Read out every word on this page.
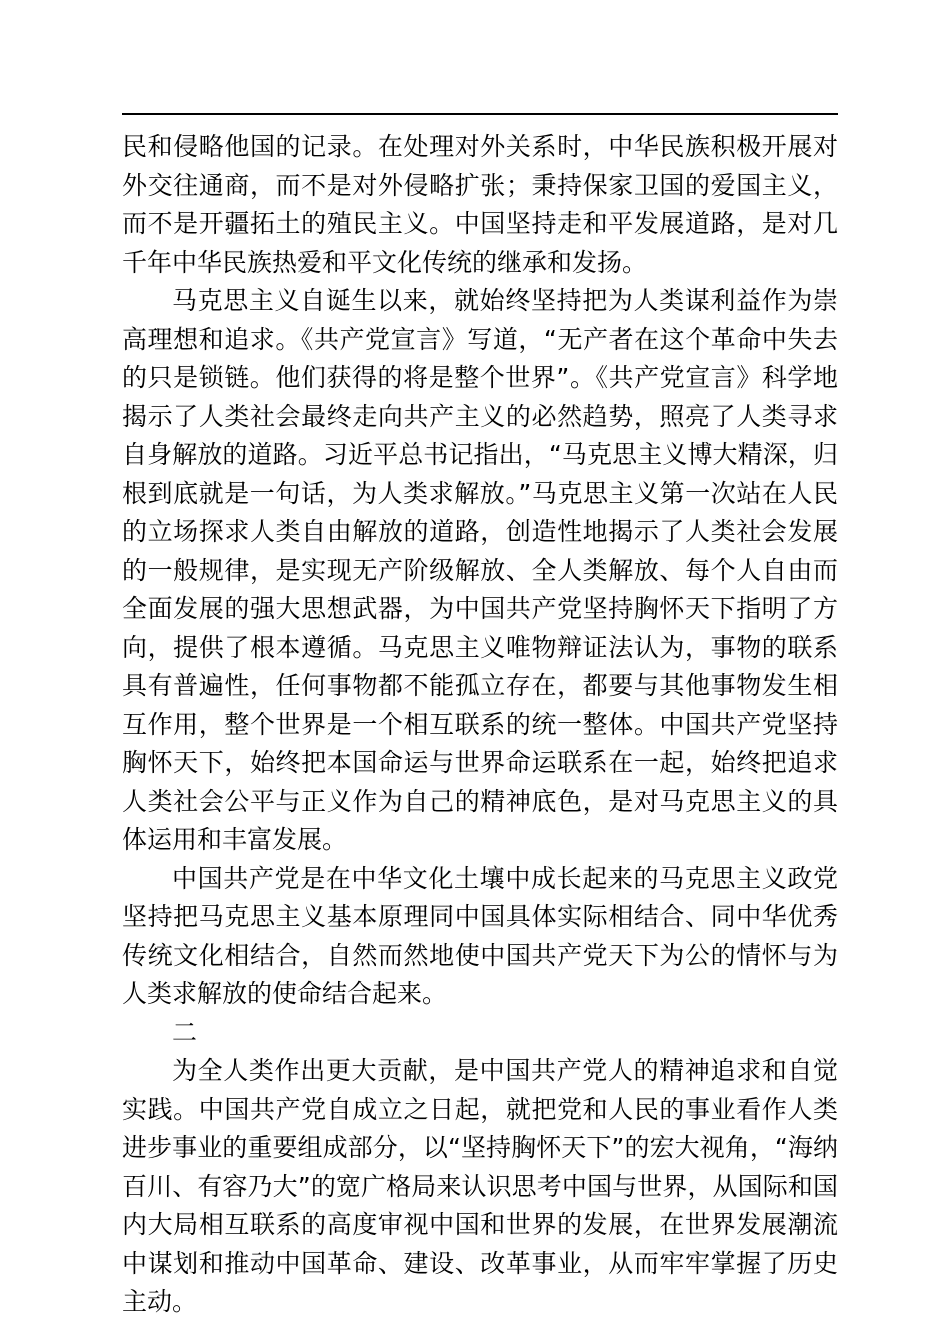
民和侵略他国的记录。在处理对外关系时，中华民族积极开展对外交往通商，而不是对外侵略扩张；秉持保家卫国的爱国主义，而不是开疆拓土的殖民主义。中国坚持走和平发展道路，是对几千年中华民族热爱和平文化传统的继承和发扬。

马克思主义自诞生以来，就始终坚持把为人类谋利益作为崇高理想和追求。《共产党宣言》写道，“无产者在这个革命中失去的只是锁链。他们获得的将是整个世界”。《共产党宣言》科学地揭示了人类社会最终走向共产主义的必然趋势，照亮了人类寻求自身解放的道路。习近平总书记指出，“马克思主义博大精深，归根到底就是一句话，为人类求解放。”马克思主义第一次站在人民的立场探求人类自由解放的道路，创造性地揭示了人类社会发展的一般规律，是实现无产阶级解放、全人类解放、每个人自由而全面发展的强大思想武器，为中国共产党坚持胸怀天下指明了方向，提供了根本遵循。马克思主义唯物辩证法认为，事物的联系具有普遍性，任何事物都不能孤立存在，都要与其他事物发生相互作用，整个世界是一个相互联系的统一整体。中国共产党坚持胸怀天下，始终把本国命运与世界命运联系在一起，始终把追求人类社会公平与正义作为自己的精神底色，是对马克思主义的具体运用和丰富发展。

中国共产党是在中华文化土壤中成长起来的马克思主义政党坚持把马克思主义基本原理同中国具体实际相结合、同中华优秀传统文化相结合，自然而然地使中国共产党天下为公的情怀与为人类求解放的使命结合起来。

二

为全人类作出更大贡献，是中国共产党人的精神追求和自觉实践。中国共产党自成立之日起，就把党和人民的事业看作人类进步事业的重要组成部分，以“坚持胸怀天下”的宏大视角，“海纳百川、有容乃大”的宽广格局来认识思考中国与世界，从国际和国内大局相互联系的高度审视中国和世界的发展，在世界发展潮流中谋划和推动中国革命、建设、改革事业，从而牢牢掌握了历史主动。
